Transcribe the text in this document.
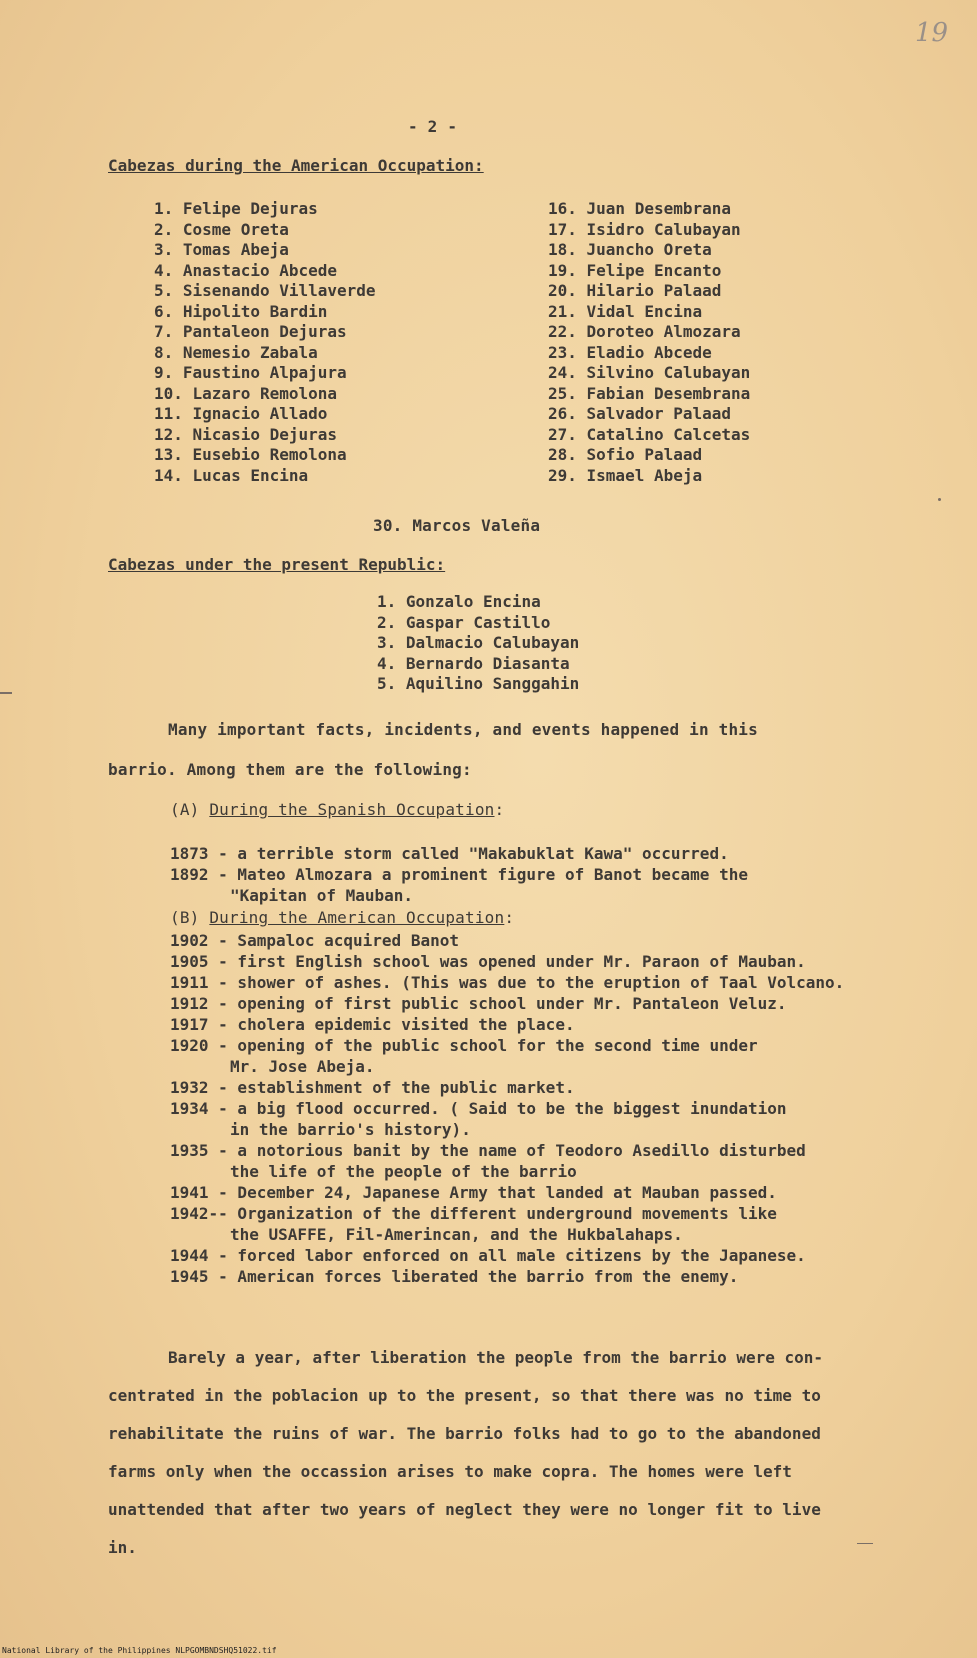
19
- 2 -
Cabezas during the American Occupation:
1. Felipe Dejuras
2. Cosme Oreta
3. Tomas Abeja
4. Anastacio Abcede
5. Sisenando Villaverde
6. Hipolito Bardin
7. Pantaleon Dejuras
8. Nemesio Zabala
9. Faustino Alpajura
10. Lazaro Remolona
11. Ignacio Allado
12. Nicasio Dejuras
13. Eusebio Remolona
14. Lucas Encina
16. Juan Desembrana
17. Isidro Calubayan
18. Juancho Oreta
19. Felipe Encanto
20. Hilario Palaad
21. Vidal Encina
22. Doroteo Almozara
23. Eladio Abcede
24. Silvino Calubayan
25. Fabian Desembrana
26. Salvador Palaad
27. Catalino Calcetas
28. Sofio Palaad
29. Ismael Abeja
30. Marcos Valeña
Cabezas under the present Republic:
1. Gonzalo Encina
2. Gaspar Castillo
3. Dalmacio Calubayan
4. Bernardo Diasanta
5. Aquilino Sanggahin
Many important facts, incidents, and events happened in this
barrio. Among them are the following:
(A) During the Spanish Occupation:
1873 - a terrible storm called "Makabuklat Kawa" occurred.
1892 - Mateo Almozara a prominent figure of Banot became the
"Kapitan of Mauban.
(B) During the American Occupation:
1902 - Sampaloc acquired Banot
1905 - first English school was opened under Mr. Paraon of Mauban.
1911 - shower of ashes. (This was due to the eruption of Taal Volcano.
1912 - opening of first public school under Mr. Pantaleon Veluz.
1917 - cholera epidemic visited the place.
1920 - opening of the public school for the second time under
Mr. Jose Abeja.
1932 - establishment of the public market.
1934 - a big flood occurred. ( Said to be the biggest inundation
in the barrio's history).
1935 - a notorious banit by the name of Teodoro Asedillo disturbed
the life of the people of the barrio
1941 - December 24, Japanese Army that landed at Mauban passed.
1942-- Organization of the different underground movements like
the USAFFE, Fil-Amerincan, and the Hukbalahaps.
1944 - forced labor enforced on all male citizens by the Japanese.
1945 - American forces liberated the barrio from the enemy.
Barely a year, after liberation the people from the barrio were con-
centrated in the poblacion up to the present, so that there was no time to
rehabilitate the ruins of war. The barrio folks had to go to the abandoned
farms only when the occassion arises to make copra. The homes were left
unattended that after two years of neglect they were no longer fit to live
in.
National Library of the Philippines NLPGOMBNDSHQ51022.tif
